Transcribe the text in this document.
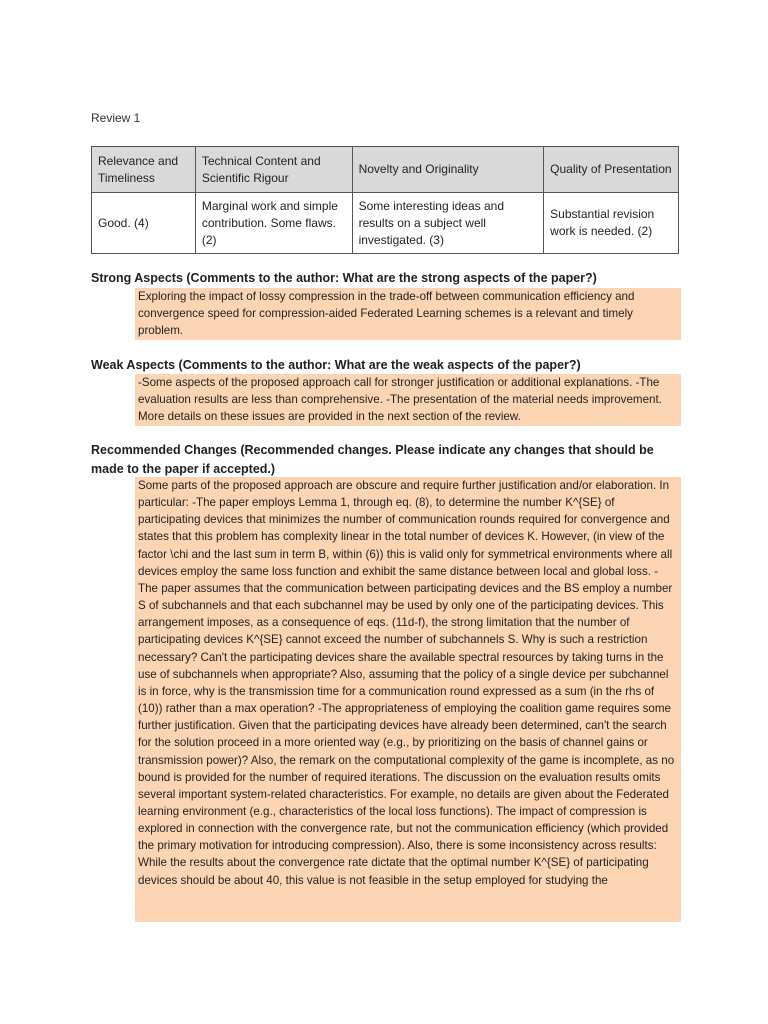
Review 1
Relevance and Timeliness	Technical Content and Scientific Rigour	Novelty and Originality	Quality of Presentation
Good. (4)	Marginal work and simple contribution. Some flaws. (2)	Some interesting ideas and results on a subject well investigated. (3)	Substantial revision work is needed. (2)
Strong Aspects (Comments to the author: What are the strong aspects of the paper?)
Exploring the impact of lossy compression in the trade-off between communication efficiency and convergence speed for compression-aided Federated Learning schemes is a relevant and timely problem.
Weak Aspects (Comments to the author: What are the weak aspects of the paper?)
-Some aspects of the proposed approach call for stronger justification or additional explanations. -The evaluation results are less than comprehensive. -The presentation of the material needs improvement. More details on these issues are provided in the next section of the review.
Recommended Changes (Recommended changes. Please indicate any changes that should be made to the paper if accepted.)
Some parts of the proposed approach are obscure and require further justification and/or elaboration. In particular: -The paper employs Lemma 1, through eq. (8), to determine the number K^{SE} of participating devices that minimizes the number of communication rounds required for convergence and states that this problem has complexity linear in the total number of devices K. However, (in view of the factor \chi and the last sum in term B, within (6)) this is valid only for symmetrical environments where all devices employ the same loss function and exhibit the same distance between local and global loss. -The paper assumes that the communication between participating devices and the BS employ a number S of subchannels and that each subchannel may be used by only one of the participating devices. This arrangement imposes, as a consequence of eqs. (11d-f), the strong limitation that the number of participating devices K^{SE} cannot exceed the number of subchannels S. Why is such a restriction necessary? Can't the participating devices share the available spectral resources by taking turns in the use of subchannels when appropriate? Also, assuming that the policy of a single device per subchannel is in force, why is the transmission time for a communication round expressed as a sum (in the rhs of (10)) rather than a max operation? -The appropriateness of employing the coalition game requires some further justification. Given that the participating devices have already been determined, can't the search for the solution proceed in a more oriented way (e.g., by prioritizing on the basis of channel gains or transmission power)? Also, the remark on the computational complexity of the game is incomplete, as no bound is provided for the number of required iterations. The discussion on the evaluation results omits several important system-related characteristics. For example, no details are given about the Federated learning environment (e.g., characteristics of the local loss functions). The impact of compression is explored in connection with the convergence rate, but not the communication efficiency (which provided the primary motivation for introducing compression). Also, there is some inconsistency across results: While the results about the convergence rate dictate that the optimal number K^{SE} of participating devices should be about 40, this value is not feasible in the setup employed for studying the
